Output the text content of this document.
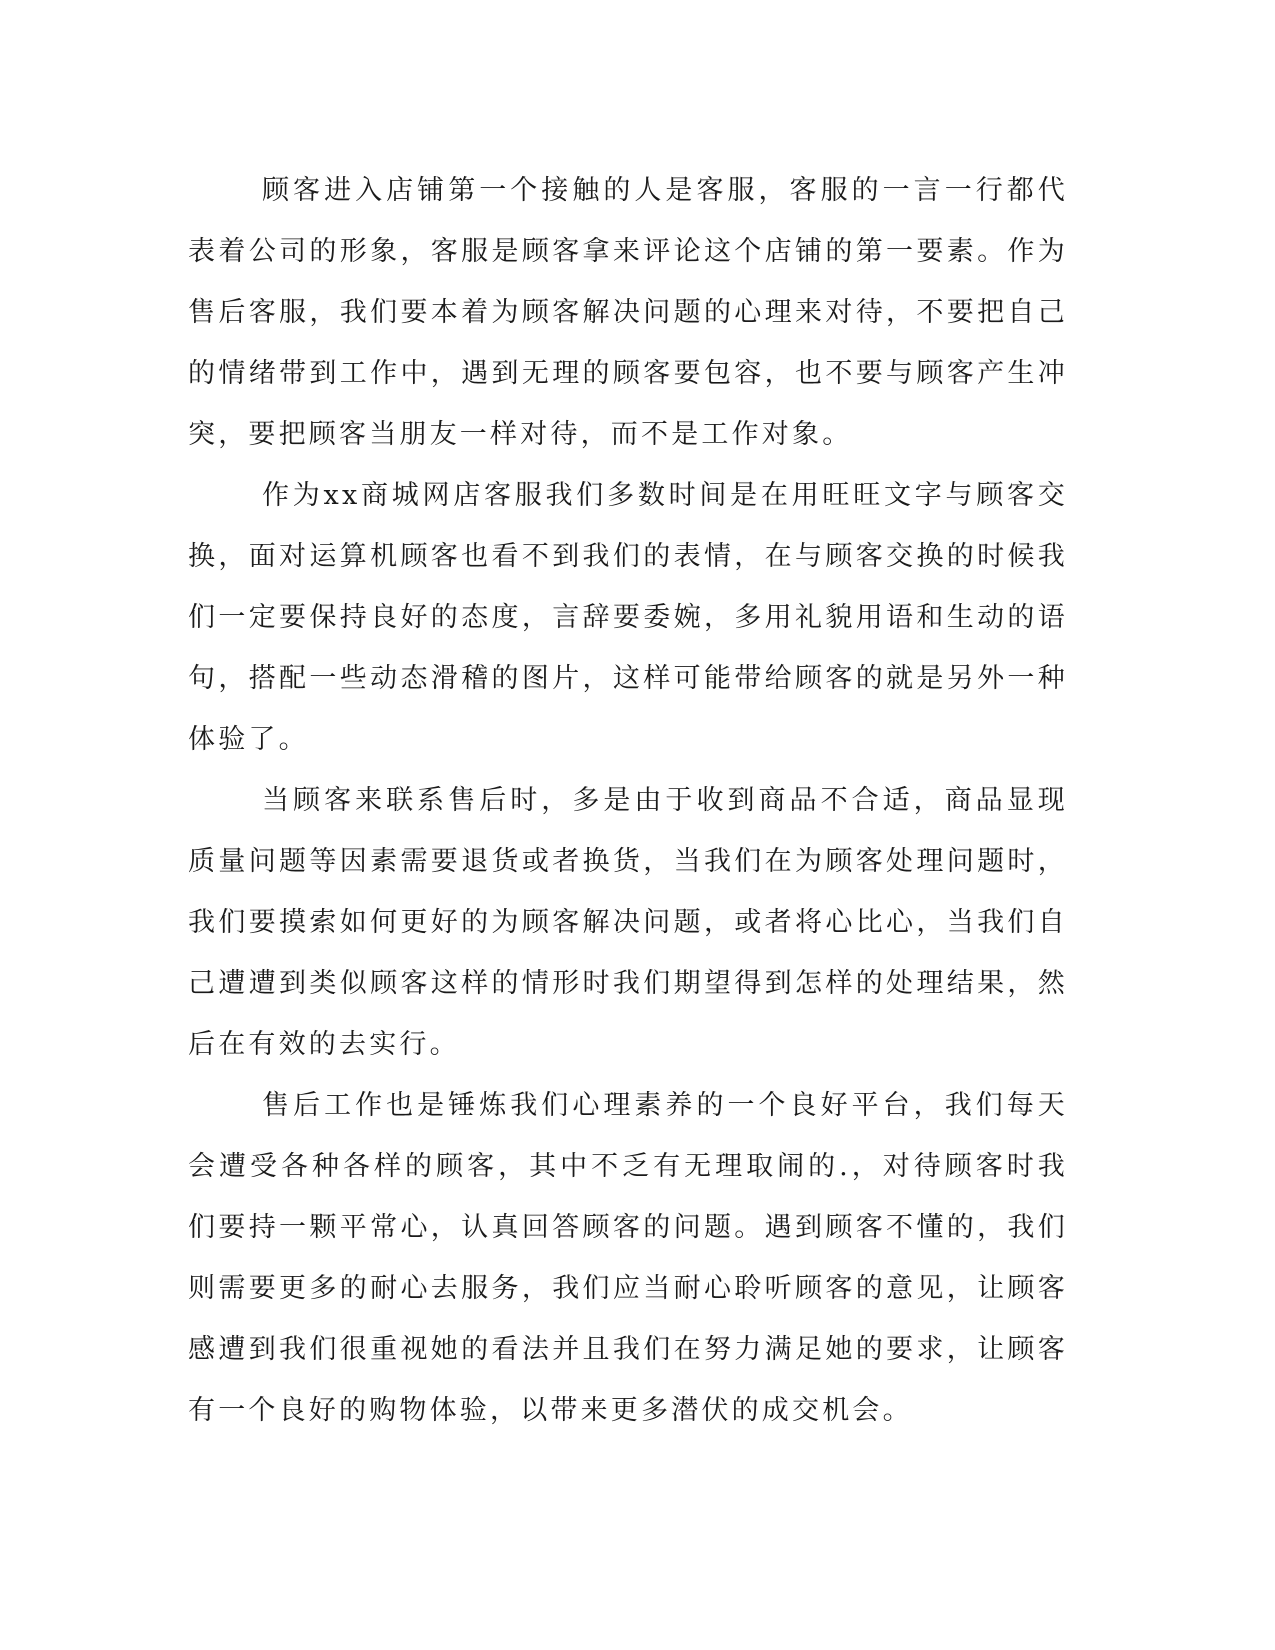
顾客进入店铺第一个接触的人是客服，客服的一言一行都代表着公司的形象，客服是顾客拿来评论这个店铺的第一要素。作为售后客服，我们要本着为顾客解决问题的心理来对待，不要把自己的情绪带到工作中，遇到无理的顾客要包容，也不要与顾客产生冲突，要把顾客当朋友一样对待，而不是工作对象。

作为xx商城网店客服我们多数时间是在用旺旺文字与顾客交换，面对运算机顾客也看不到我们的表情，在与顾客交换的时候我们一定要保持良好的态度，言辞要委婉，多用礼貌用语和生动的语句，搭配一些动态滑稽的图片，这样可能带给顾客的就是另外一种体验了。

当顾客来联系售后时，多是由于收到商品不合适，商品显现质量问题等因素需要退货或者换货，当我们在为顾客处理问题时，我们要摸索如何更好的为顾客解决问题，或者将心比心，当我们自己遭遭到类似顾客这样的情形时我们期望得到怎样的处理结果，然后在有效的去实行。

售后工作也是锤炼我们心理素养的一个良好平台，我们每天会遭受各种各样的顾客，其中不乏有无理取闹的.，对待顾客时我们要持一颗平常心，认真回答顾客的问题。遇到顾客不懂的，我们则需要更多的耐心去服务，我们应当耐心聆听顾客的意见，让顾客感遭到我们很重视她的看法并且我们在努力满足她的要求，让顾客有一个良好的购物体验，以带来更多潜伏的成交机会。
